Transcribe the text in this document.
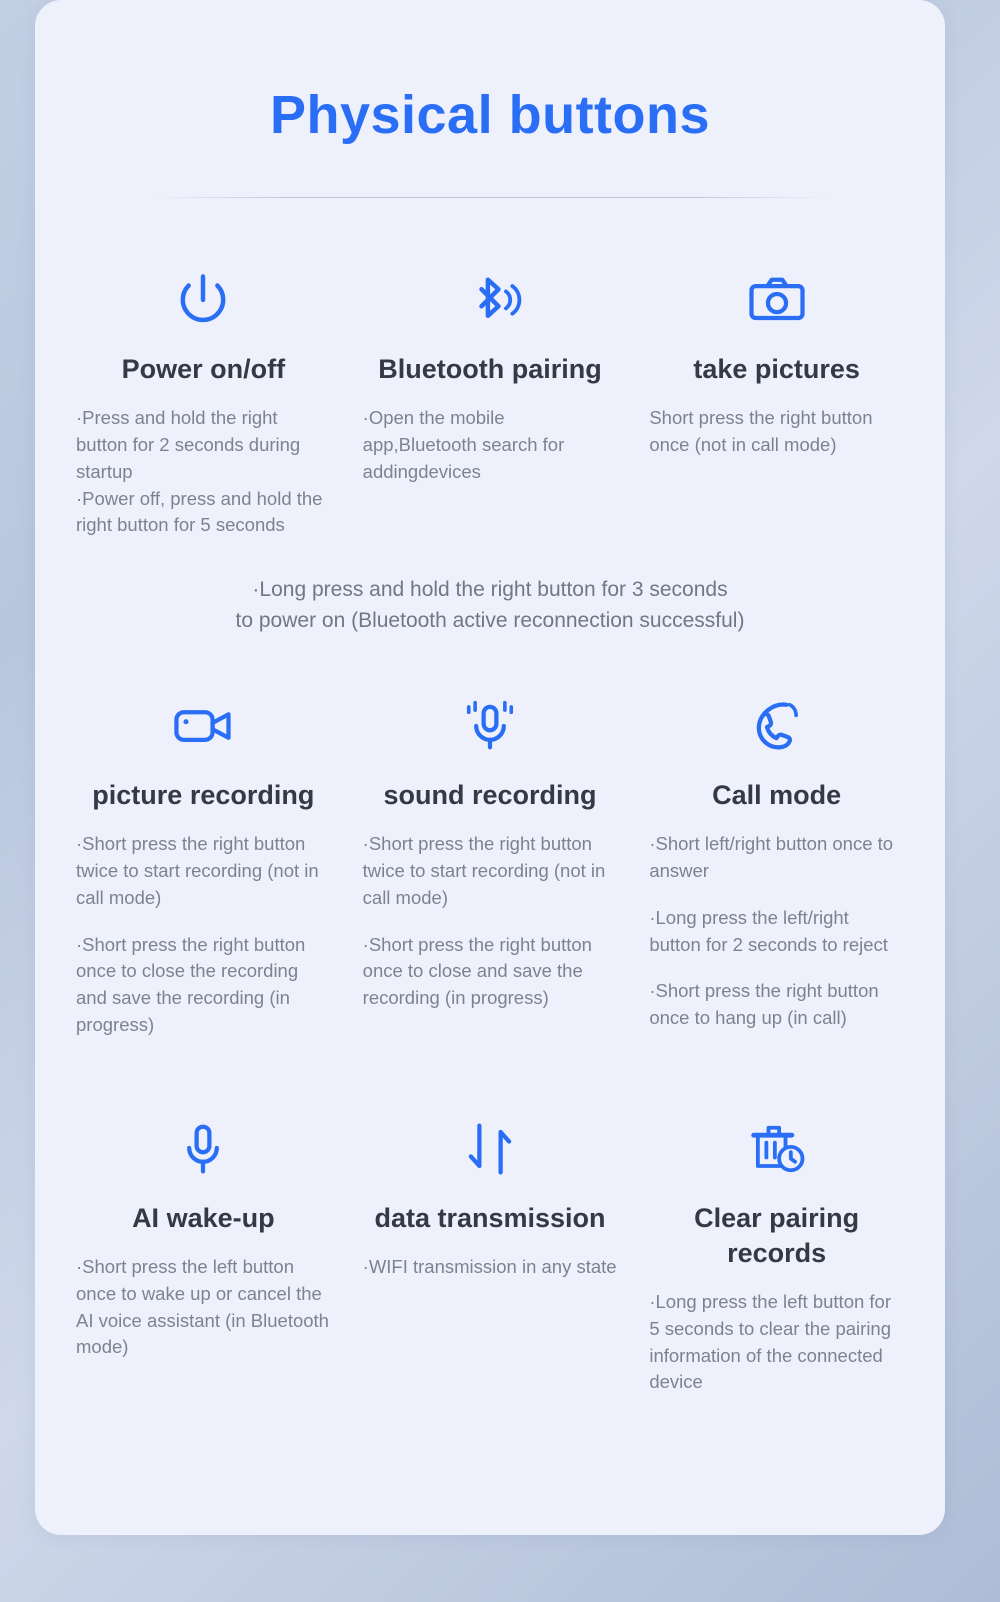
Physical buttons
Power on/off

·Press and hold the right button for 2 seconds during startup

·Power off, press and hold the right button for 5 seconds

Bluetooth pairing

·Open the mobile app,Bluetooth search for addingdevices

take pictures

Short press the right button once (not in call mode)

·Long press and hold the right button for 3 seconds
to power on (Bluetooth active reconnection successful)
picture recording

·Short press the right button twice to start recording (not in call mode)

·Short press the right button once to close the recording and save the recording (in progress)

sound recording

·Short press the right button twice to start recording (not in call mode)

·Short press the right button once to close and save the recording (in progress)

Call mode

·Short left/right button once to answer

·Long press the left/right button for 2 seconds to reject

·Short press the right button once to hang up (in call)

AI wake-up

·Short press the left button once to wake up or cancel the AI voice assistant (in Bluetooth mode)

data transmission

·WIFI transmission in any state

Clear pairing records

·Long press the left button for 5 seconds to clear the pairing information of the connected device
